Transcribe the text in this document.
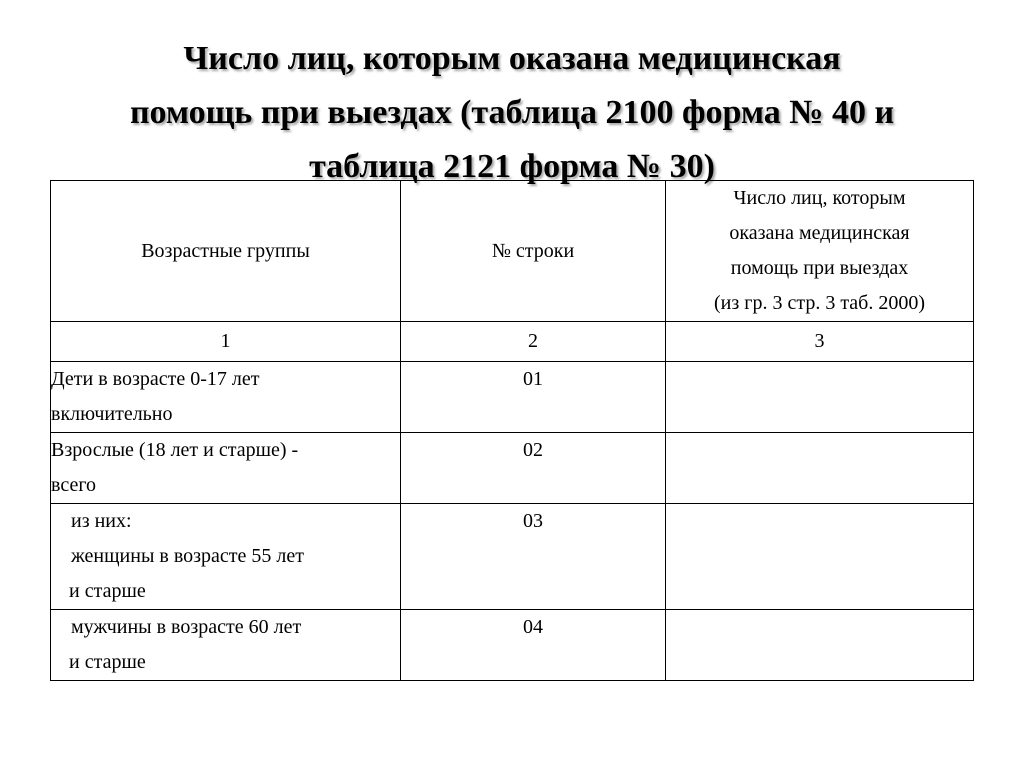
Число лиц, которым оказана медицинская
помощь при выездах (таблица 2100 форма № 40 и
таблица 2121 форма № 30)
Возрастные группы	№ строки	Число лиц, которым
оказана медицинская
помощь при выездах
(из гр. 3 стр. 3 таб. 2000)

1	2	3

Дети в возрасте 0-17 лет
включительно	01	

Взрослые (18 лет и старше) -
всего	02	

из них:
женщины в возрасте 55 лет
и старше	03	

мужчины в возрасте 60 лет
и старше	04	
